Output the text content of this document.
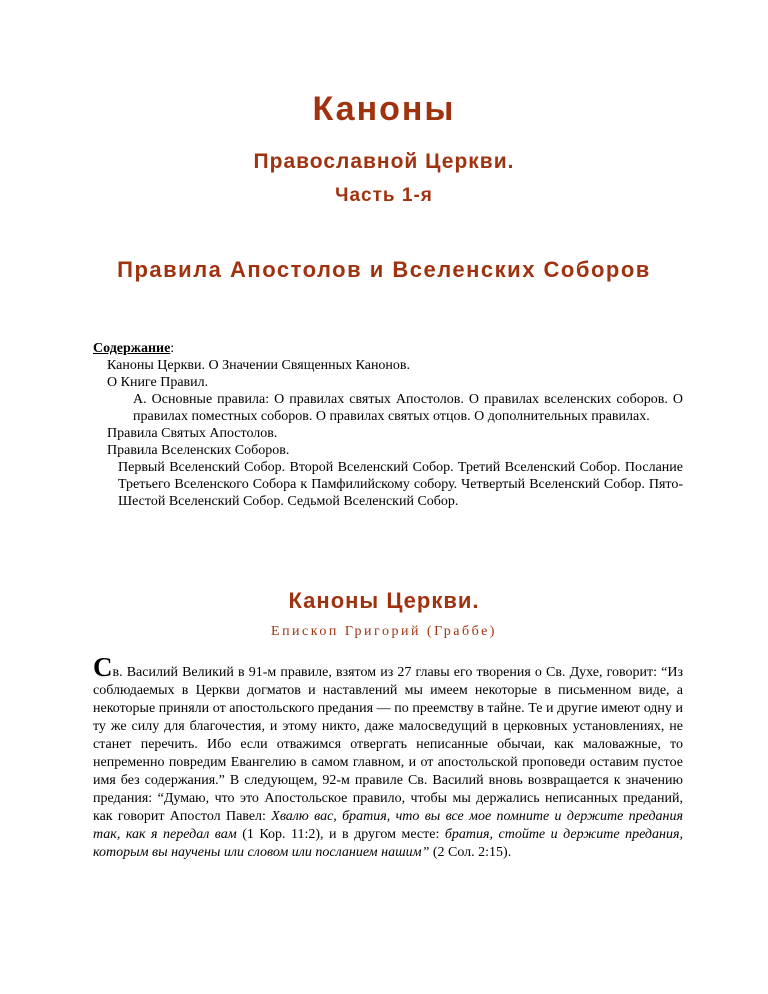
Каноны
Православной Церкви.
Часть 1-я
Правила Апостолов и Вселенских Соборов
Содержание:
Каноны Церкви. О Значении Священных Канонов.
О Книге Правил.
А. Основные правила: О правилах святых Апостолов. О правилах вселенских соборов. О правилах поместных соборов. О правилах святых отцов. О дополнительных правилах.
Правила Святых Апостолов.
Правила Вселенских Соборов.
Первый Вселенский Собор. Второй Вселенский Собор. Третий Вселенский Собор. Послание Третьего Вселенского Собора к Памфилийскому собору. Четвертый Вселенский Собор. Пято-Шестой Вселенский Собор. Седьмой Вселенский Собор.
Каноны Церкви.
Епископ Григорий (Граббе)
Св. Василий Великий в 91-м правиле, взятом из 27 главы его творения о Св. Духе, говорит: “Из соблюдаемых в Церкви догматов и наставлений мы имеем некоторые в письменном виде, а некоторые приняли от апостольского предания — по преемству в тайне. Те и другие имеют одну и ту же силу для благочестия, и этому никто, даже малосведущий в церковных установлениях, не станет перечить. Ибо если отважимся отвергать неписанные обычаи, как маловажные, то непременно повредим Евангелию в самом главном, и от апостольской проповеди оставим пустое имя без содержания.” В следующем, 92-м правиле Св. Василий вновь возвращается к значению предания: “Думаю, что это Апостольское правило, чтобы мы держались неписанных преданий, как говорит Апостол Павел: Хвалю вас, братия, что вы все мое помните и держите предания так, как я передал вам (1 Кор. 11:2), и в другом месте: братия, стойте и держите предания, которым вы научены или словом или посланием нашим” (2 Сол. 2:15).
